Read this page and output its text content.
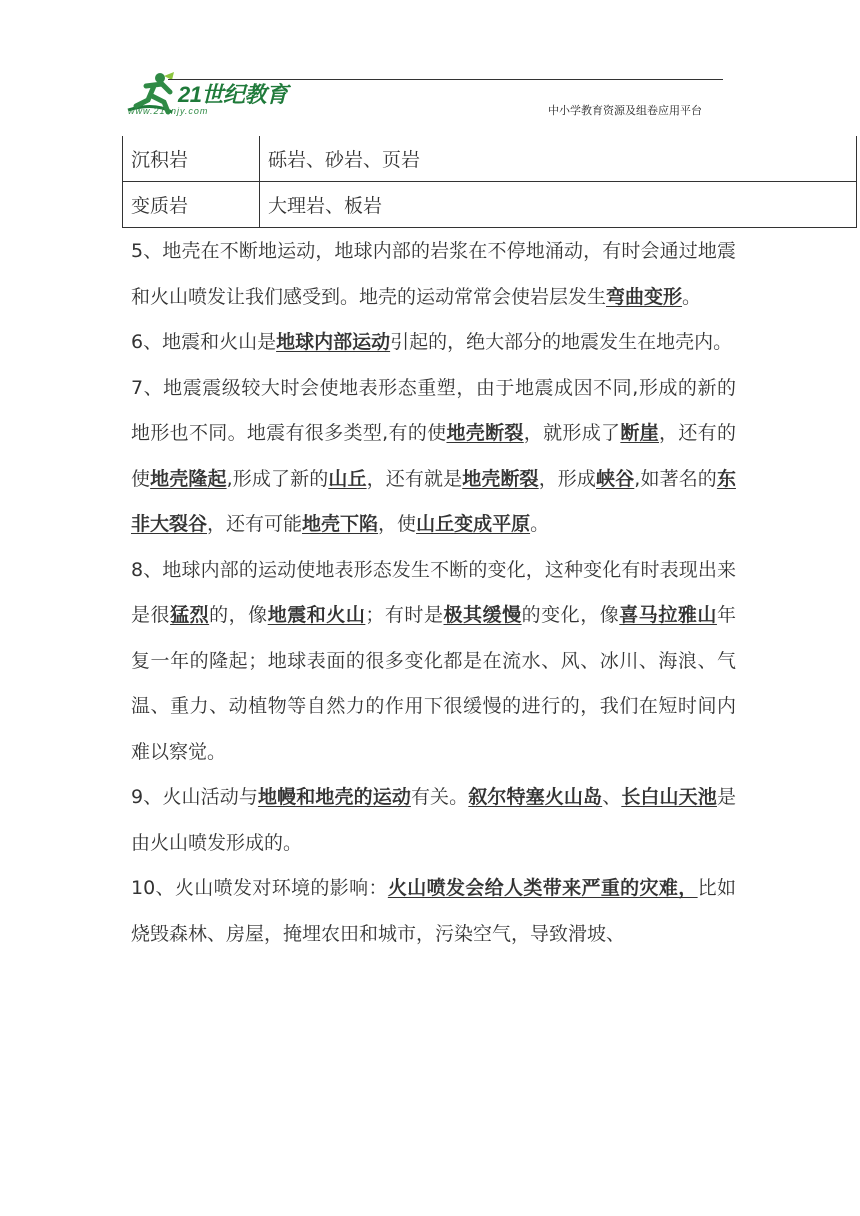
21世纪教育
www.21cnjy.com	中小学教育资源及组卷应用平台
沉积岩	砾岩、砂岩、页岩
变质岩	大理岩、板岩

5、地壳在不断地运动，地球内部的岩浆在不停地涌动，有时会通过地震和火山喷发让我们感受到。地壳的运动常常会使岩层发生弯曲变形。

6、地震和火山是地球内部运动引起的，绝大部分的地震发生在地壳内。

7、地震震级较大时会使地表形态重塑，由于地震成因不同,形成的新的地形也不同。地震有很多类型,有的使地壳断裂，就形成了断崖，还有的使地壳隆起,形成了新的山丘，还有就是地壳断裂，形成峡谷,如著名的东非大裂谷，还有可能地壳下陷，使山丘变成平原。

8、地球内部的运动使地表形态发生不断的变化，这种变化有时表现出来是很猛烈的，像地震和火山；有时是极其缓慢的变化，像喜马拉雅山年复一年的隆起；地球表面的很多变化都是在流水、风、冰川、海浪、气温、重力、动植物等自然力的作用下很缓慢的进行的，我们在短时间内难以察觉。

9、火山活动与地幔和地壳的运动有关。叙尔特塞火山岛、长白山天池是由火山喷发形成的。

10、火山喷发对环境的影响：火山喷发会给人类带来严重的灾难，比如烧毁森林、房屋，掩埋农田和城市，污染空气，导致滑坡、
